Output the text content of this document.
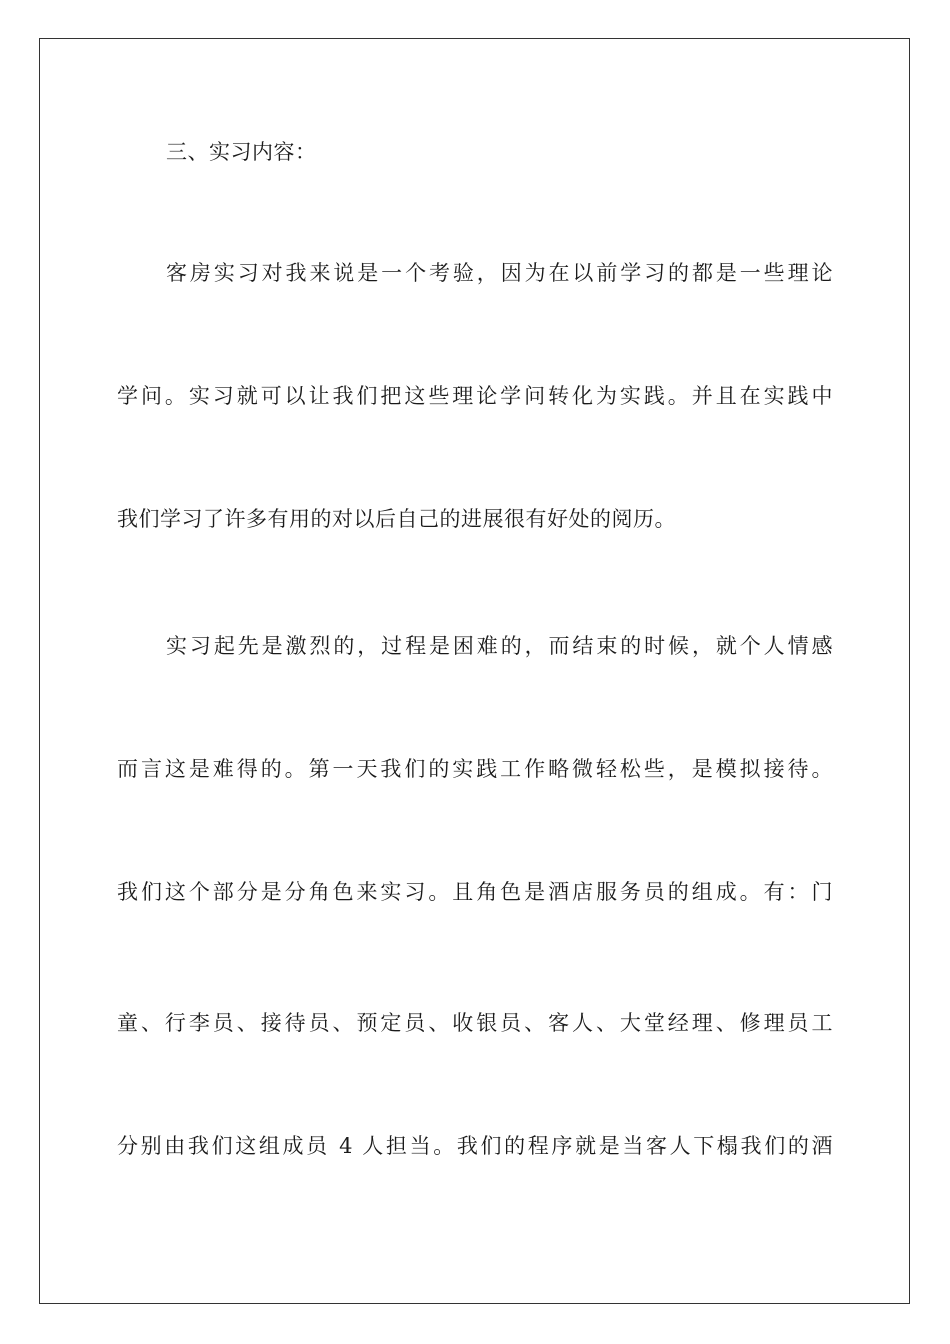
三、实习内容：
客房实习对我来说是一个考验，因为在以前学习的都是一些理论
学问。实习就可以让我们把这些理论学问转化为实践。并且在实践中
我们学习了许多有用的对以后自己的进展很有好处的阅历。
实习起先是激烈的，过程是困难的，而结束的时候，就个人情感
而言这是难得的。第一天我们的实践工作略微轻松些，是模拟接待。
我们这个部分是分角色来实习。且角色是酒店服务员的组成。有：门
童、行李员、接待员、预定员、收银员、客人、大堂经理、修理员工
分别由我们这组成员 4 人担当。我们的程序就是当客人下榻我们的酒
